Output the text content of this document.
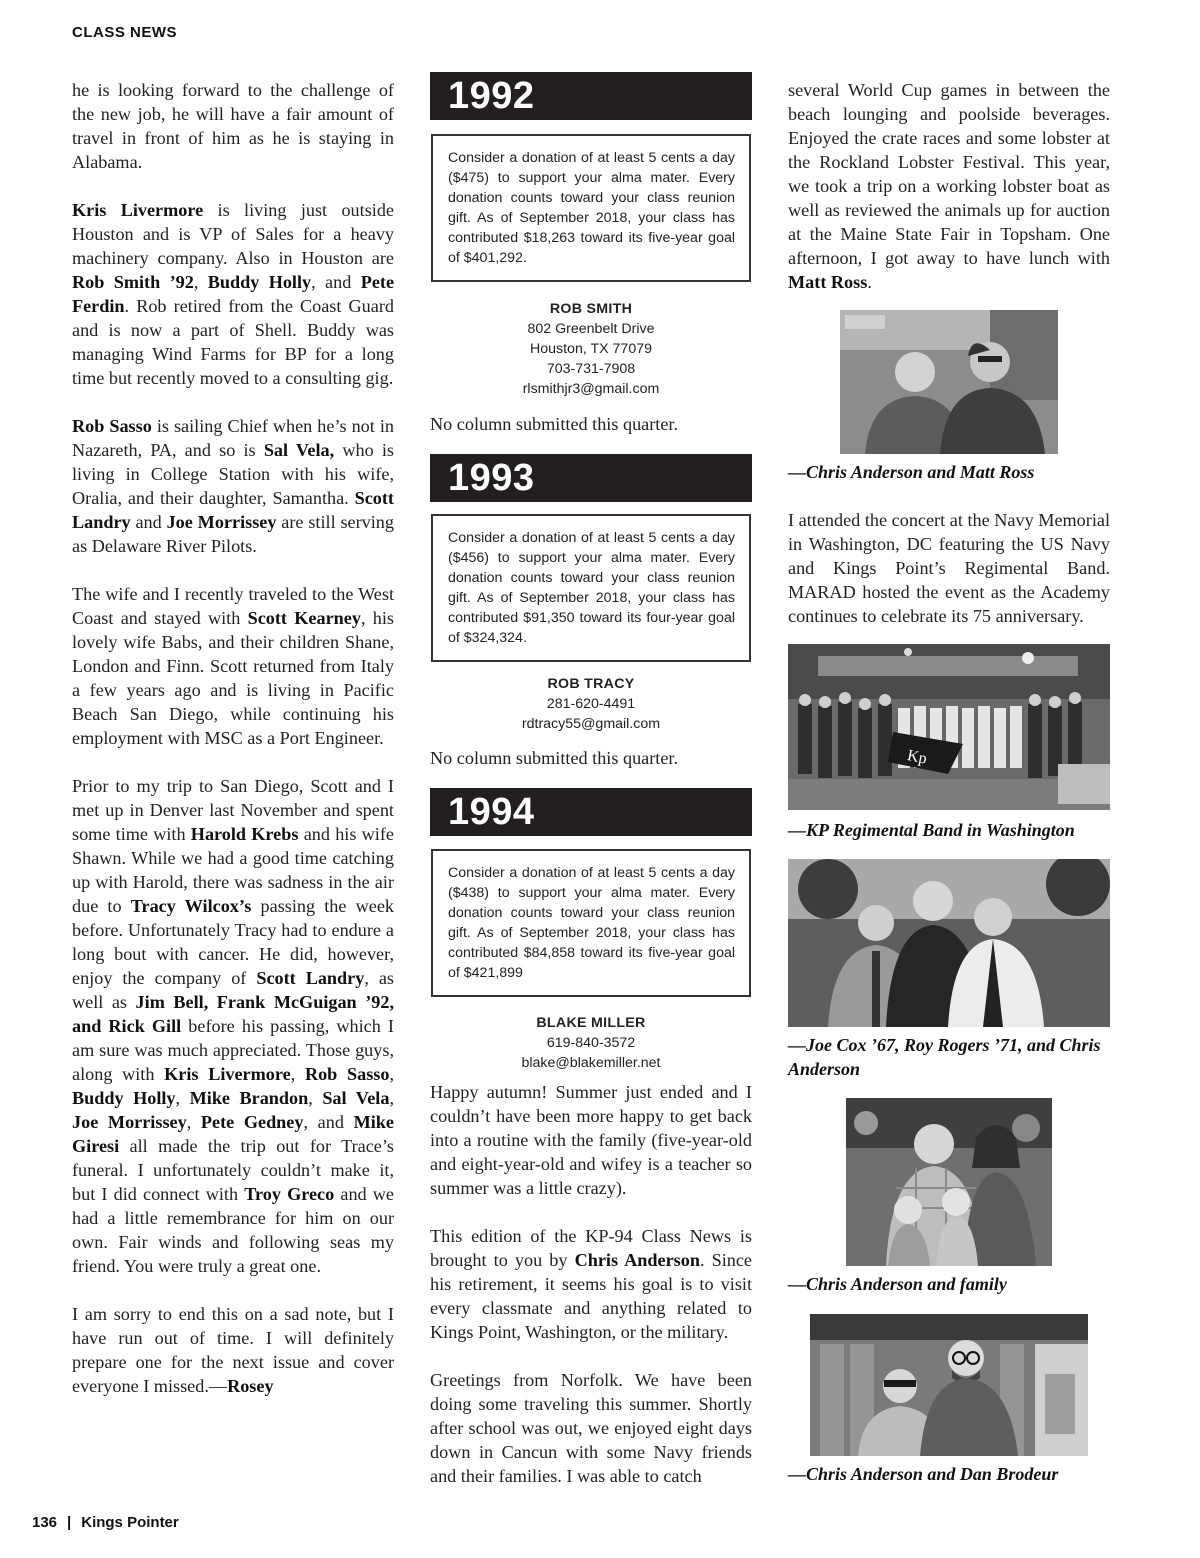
CLASS NEWS

he is looking forward to the challenge of the new job, he will have a fair amount of travel in front of him as he is staying in Alabama.

Kris Livermore is living just outside Houston and is VP of Sales for a heavy machinery company. Also in Houston are Rob Smith ’92, Buddy Holly, and Pete Ferdin. Rob retired from the Coast Guard and is now a part of Shell. Buddy was managing Wind Farms for BP for a long time but recently moved to a consulting gig.

Rob Sasso is sailing Chief when he’s not in Nazareth, PA, and so is Sal Vela, who is living in College Station with his wife, Oralia, and their daughter, Samantha. Scott Landry and Joe Morrissey are still serving as Delaware River Pilots.

The wife and I recently traveled to the West Coast and stayed with Scott Kearney, his lovely wife Babs, and their children Shane, London and Finn. Scott returned from Italy a few years ago and is living in Pacific Beach San Diego, while continuing his employment with MSC as a Port Engineer.

Prior to my trip to San Diego, Scott and I met up in Denver last November and spent some time with Harold Krebs and his wife Shawn. While we had a good time catching up with Harold, there was sadness in the air due to Tracy Wilcox’s passing the week before. Unfortunately Tracy had to endure a long bout with cancer. He did, however, enjoy the company of Scott Landry, as well as Jim Bell, Frank McGuigan ’92, and Rick Gill before his passing, which I am sure was much appreciated. Those guys, along with Kris Livermore, Rob Sasso, Buddy Holly, Mike Brandon, Sal Vela, Joe Morrissey, Pete Gedney, and Mike Giresi all made the trip out for Trace’s funeral. I unfortunately couldn’t make it, but I did connect with Troy Greco and we had a little remembrance for him on our own. Fair winds and following seas my friend. You were truly a great one.

I am sorry to end this on a sad note, but I have run out of time. I will definitely prepare one for the next issue and cover everyone I missed.—Rosey

1992
Consider a donation of at least 5 cents a day ($475) to support your alma mater. Every donation counts toward your class reunion gift. As of September 2018, your class has contributed $18,263 toward its five-year goal of $401,292.
ROB SMITH
802 Greenbelt Drive
Houston, TX 77079
703-731-7908
rlsmithjr3@gmail.com
No column submitted this quarter.
1993
Consider a donation of at least 5 cents a day ($456) to support your alma mater. Every donation counts toward your class reunion gift. As of September 2018, your class has contributed $91,350 toward its four-year goal of $324,324.
ROB TRACY
281-620-4491
rdtracy55@gmail.com
No column submitted this quarter.
1994
Consider a donation of at least 5 cents a day ($438) to support your alma mater. Every donation counts toward your class reunion gift. As of September 2018, your class has contributed $84,858 toward its five-year goal of $421,899
BLAKE MILLER
619-840-3572
blake@blakemiller.net

Happy autumn! Summer just ended and I couldn’t have been more happy to get back into a routine with the family (five-year-old and eight-year-old and wifey is a teacher so summer was a little crazy).

This edition of the KP-94 Class News is brought to you by Chris Anderson. Since his retirement, it seems his goal is to visit every classmate and anything related to Kings Point, Washington, or the military.

Greetings from Norfolk. We have been doing some traveling this summer. Shortly after school was out, we enjoyed eight days down in Cancun with some Navy friends and their families. I was able to catch

several World Cup games in between the beach lounging and poolside beverages. Enjoyed the crate races and some lobster at the Rockland Lobster Festival. This year, we took a trip on a working lobster boat as well as reviewed the animals up for auction at the Maine State Fair in Topsham. One afternoon, I got away to have lunch with Matt Ross.

—Chris Anderson and Matt Ross

I attended the concert at the Navy Memorial in Washington, DC featuring the US Navy and Kings Point’s Regimental Band. MARAD hosted the event as the Academy continues to celebrate its 75 anniversary.

Kp
—KP Regimental Band in Washington
—Joe Cox ’67, Roy Rogers ’71, and Chris Anderson
—Chris Anderson and family
—Chris Anderson and Dan Brodeur
136 | Kings Pointer
